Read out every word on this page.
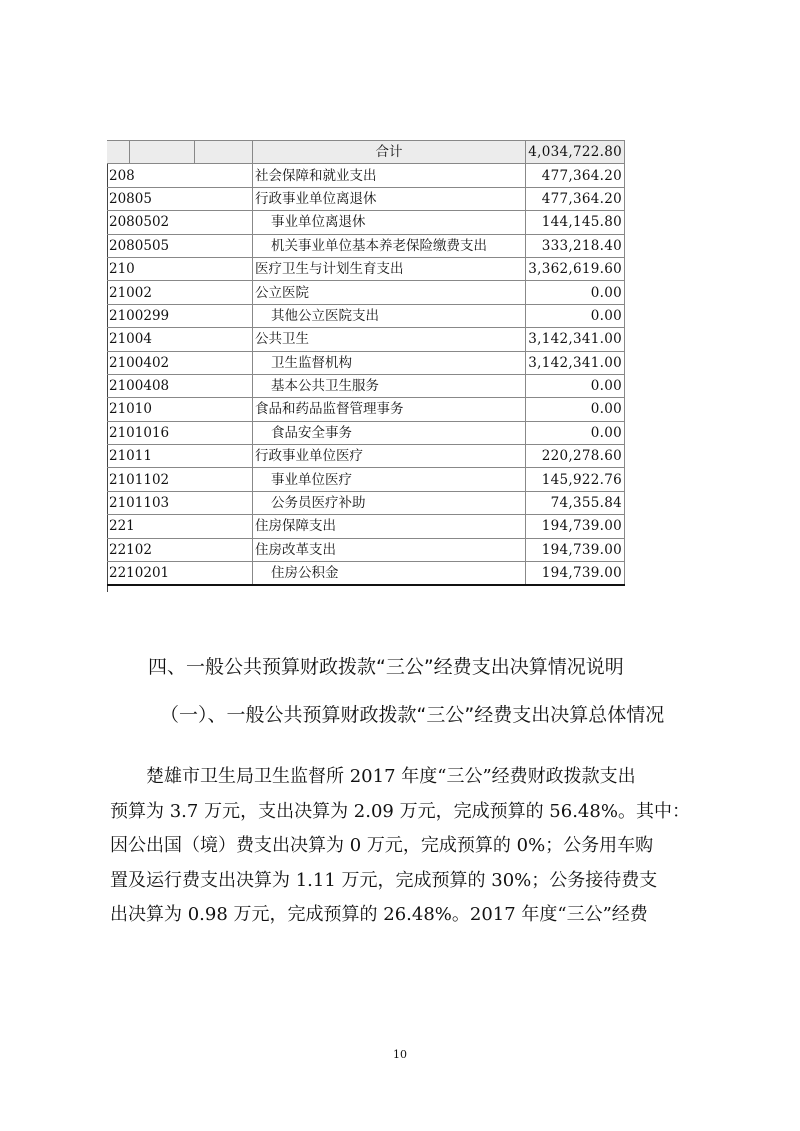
	合计	4,034,722.80
208	社会保障和就业支出	477,364.20
20805	行政事业单位离退休	477,364.20
2080502	事业单位离退休	144,145.80
2080505	机关事业单位基本养老保险缴费支出	333,218.40
210	医疗卫生与计划生育支出	3,362,619.60
21002	公立医院	0.00
2100299	其他公立医院支出	0.00
21004	公共卫生	3,142,341.00
2100402	卫生监督机构	3,142,341.00
2100408	基本公共卫生服务	0.00
21010	食品和药品监督管理事务	0.00
2101016	食品安全事务	0.00
21011	行政事业单位医疗	220,278.60
2101102	事业单位医疗	145,922.76
2101103	公务员医疗补助	74,355.84
221	住房保障支出	194,739.00
22102	住房改革支出	194,739.00
2210201	住房公积金	194,739.00
四、一般公共预算财政拨款“三公”经费支出决算情况说明
（一）、一般公共预算财政拨款“三公”经费支出决算总体情况
楚雄市卫生局卫生监督所 2017 年度“三公”经费财政拨款支出
预算为 3.7 万元，支出决算为 2.09 万元，完成预算的 56.48%。其中：
因公出国（境）费支出决算为 0 万元，完成预算的 0%；公务用车购
置及运行费支出决算为 1.11 万元，完成预算的 30%；公务接待费支
出决算为 0.98 万元，完成预算的 26.48%。2017 年度“三公”经费
10
